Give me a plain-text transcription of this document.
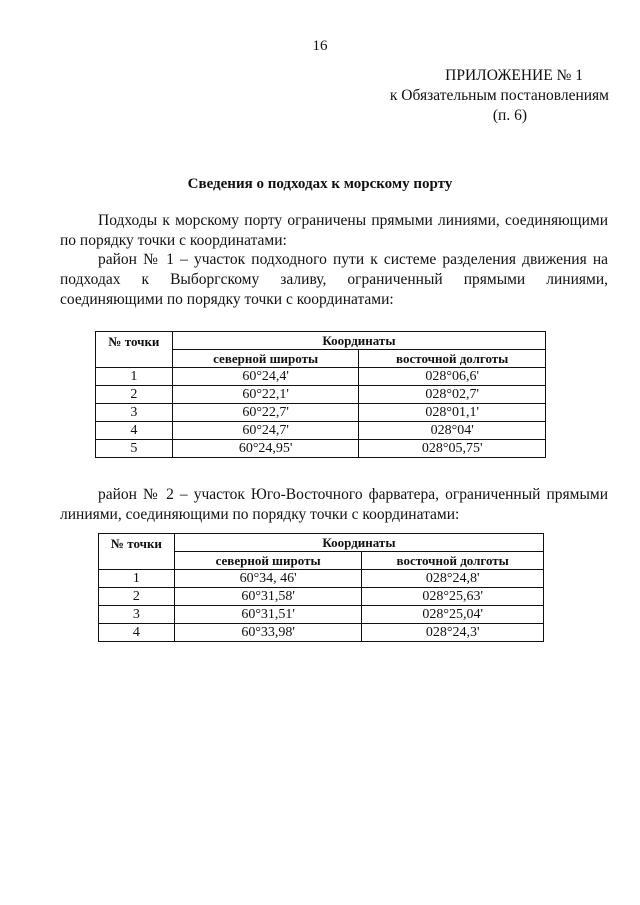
16
ПРИЛОЖЕНИЕ № 1
к Обязательным постановлениям
(п. 6)
Сведения о подходах к морскому порту
Подходы к морскому порту ограничены прямыми линиями, соединяющими по порядку точки с координатами:
район № 1 – участок подходного пути к системе разделения движения на подходах к Выборгскому заливу, ограниченный прямыми линиями, соединяющими по порядку точки с координатами:
№ точки	Координаты	
	северной широты	восточной долготы
1	60°24,4'	028°06,6'
2	60°22,1'	028°02,7'
3	60°22,7'	028°01,1'
4	60°24,7'	028°04'
5	60°24,95'	028°05,75'
район № 2 – участок Юго-Восточного фарватера, ограниченный прямыми линиями, соединяющими по порядку точки с координатами:
№ точки	Координаты	
	северной широты	восточной долготы
1	60°34, 46'	028°24,8'
2	60°31,58'	028°25,63'
3	60°31,51'	028°25,04'
4	60°33,98'	028°24,3'
